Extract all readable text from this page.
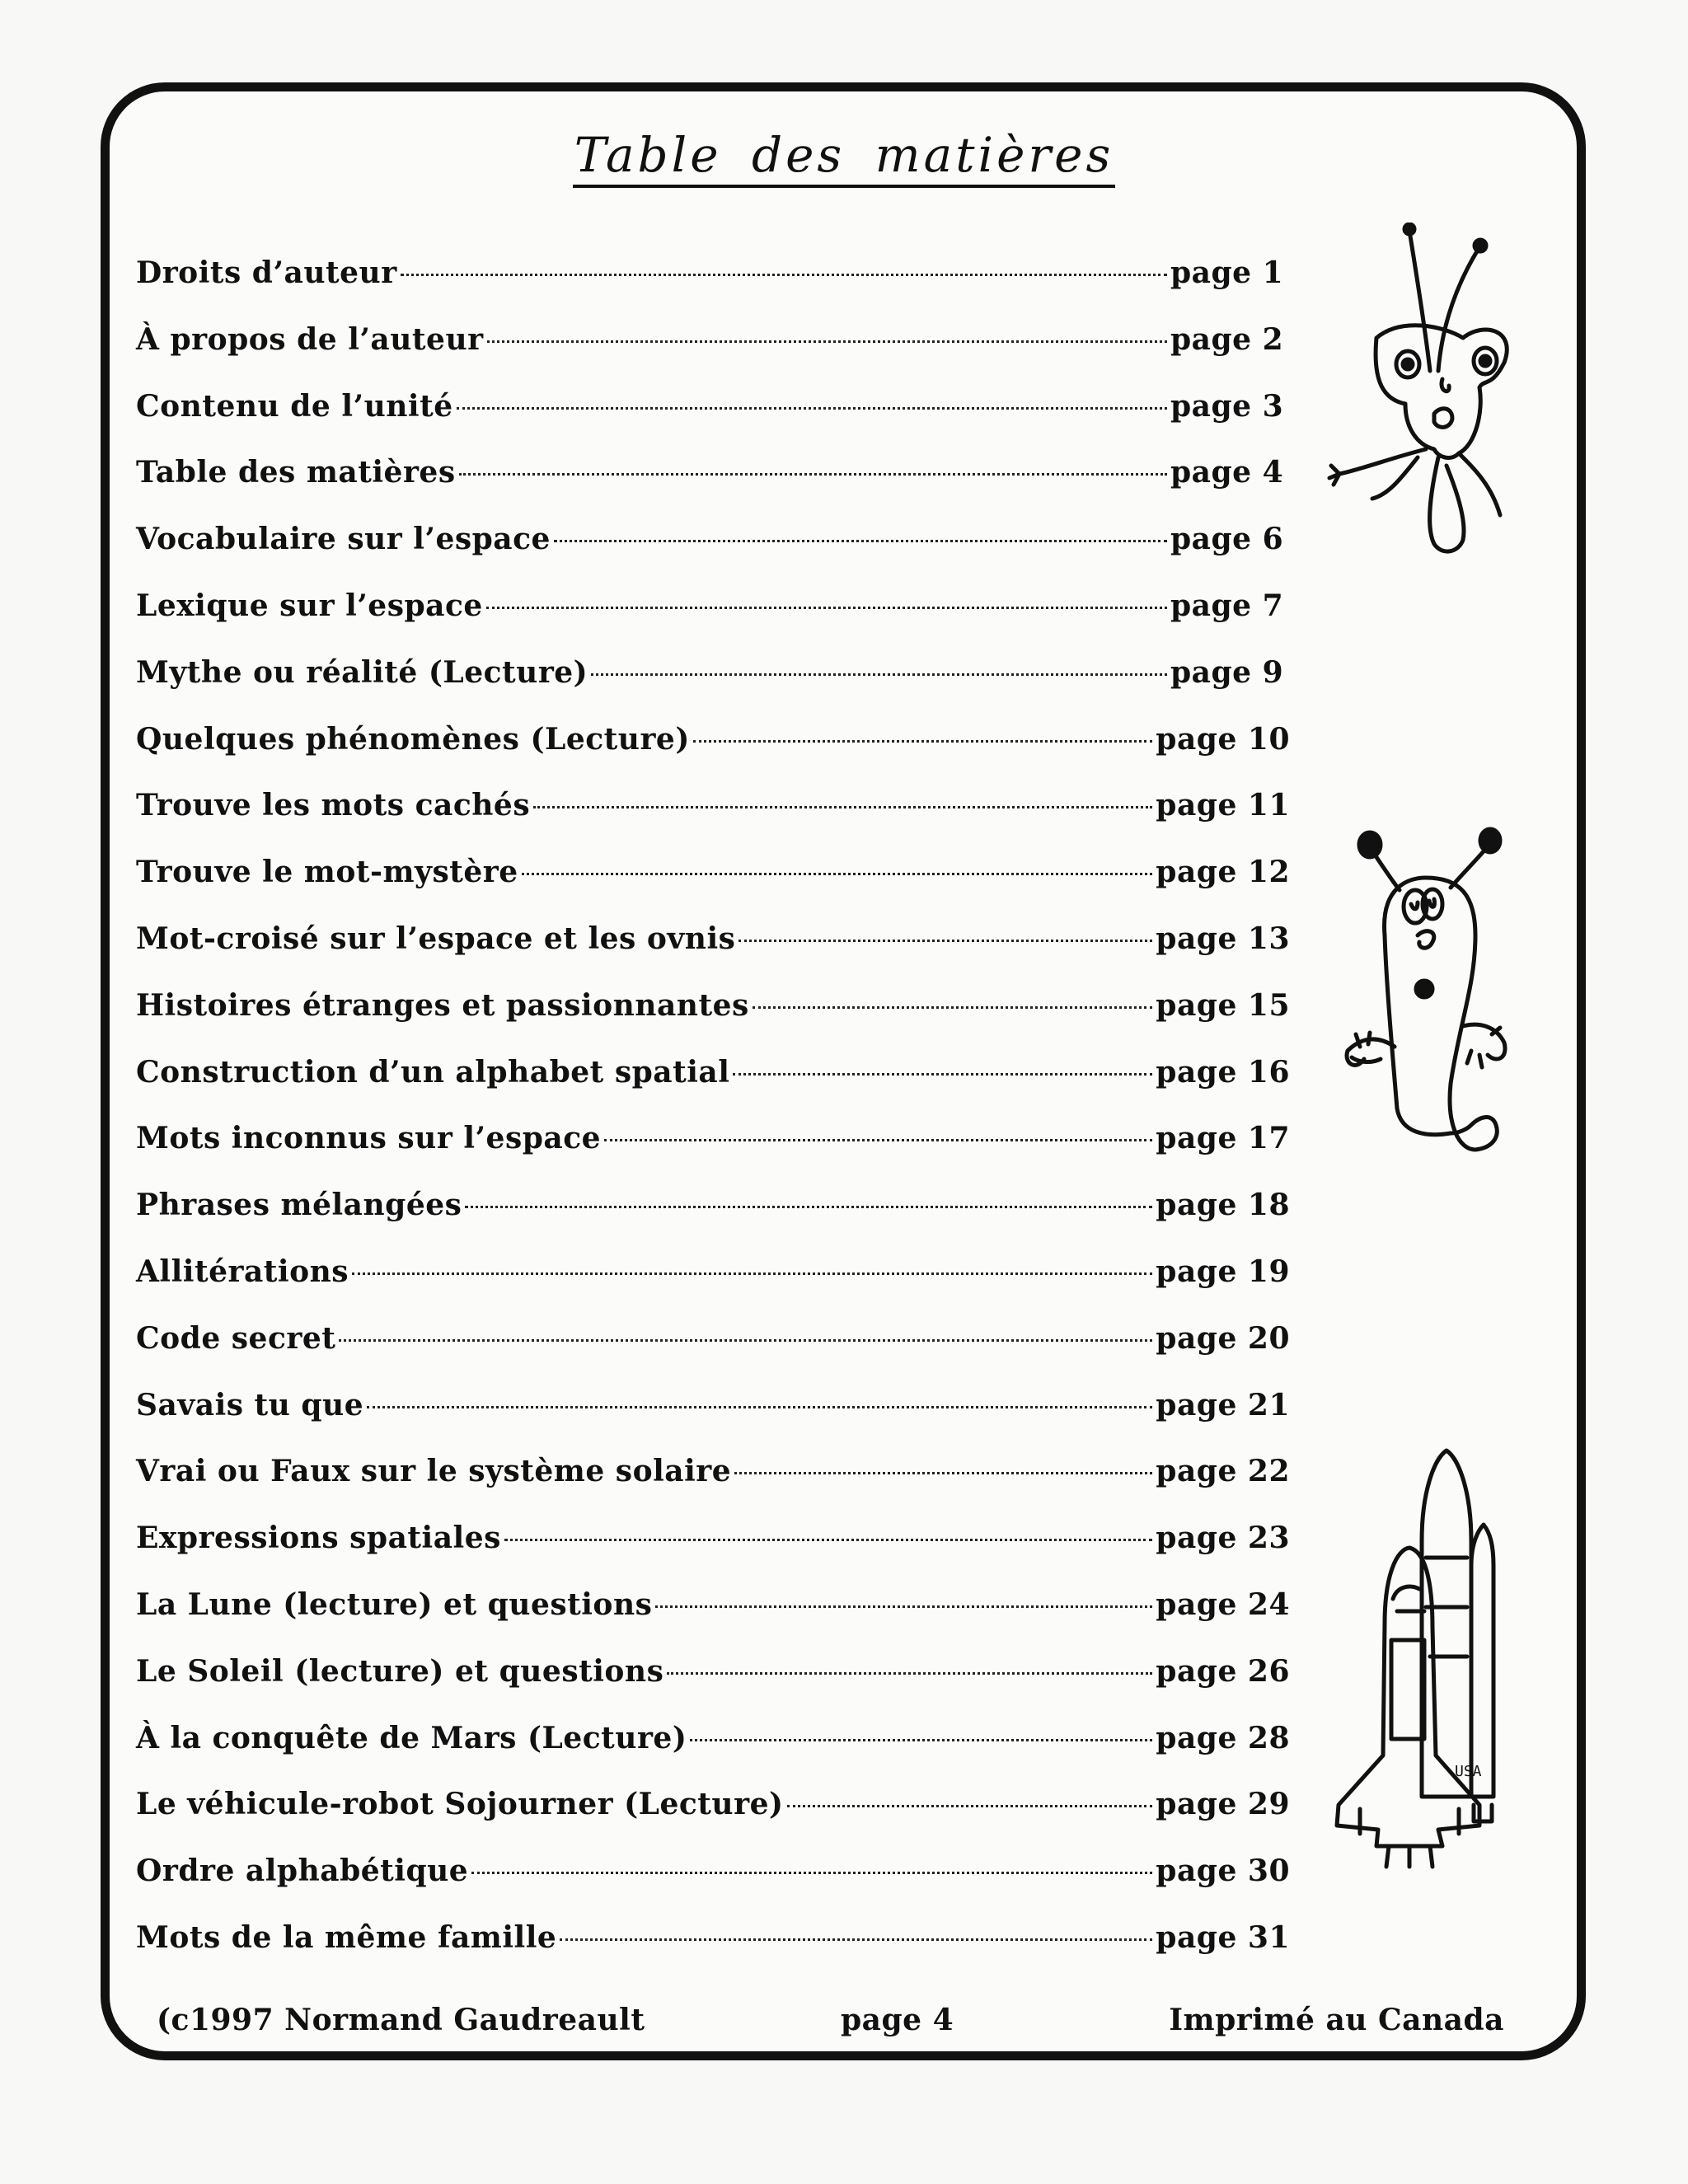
Table des matières
Droits d’auteur	page 1
À propos de l’auteur	page 2
Contenu de l’unité	page 3
Table des matières	page 4
Vocabulaire sur l’espace	page 6
Lexique sur l’espace	page 7
Mythe ou réalité (Lecture)	page 9
Quelques phénomènes (Lecture)	page 10
Trouve les mots cachés	page 11
Trouve le mot-mystère	page 12
Mot-croisé sur l’espace et les ovnis	page 13
Histoires étranges et passionnantes	page 15
Construction d’un alphabet spatial	page 16
Mots inconnus sur l’espace	page 17
Phrases mélangées	page 18
Allitérations	page 19
Code secret	page 20
Savais tu que	page 21
Vrai ou Faux sur le système solaire	page 22
Expressions spatiales	page 23
La Lune (lecture) et questions	page 24
Le Soleil (lecture) et questions	page 26
À la conquête de Mars (Lecture)	page 28
Le véhicule-robot Sojourner (Lecture)	page 29
Ordre alphabétique	page 30
Mots de la même famille	page 31
USA
(c1997 Normand Gaudreault	page 4	Imprimé au Canada
